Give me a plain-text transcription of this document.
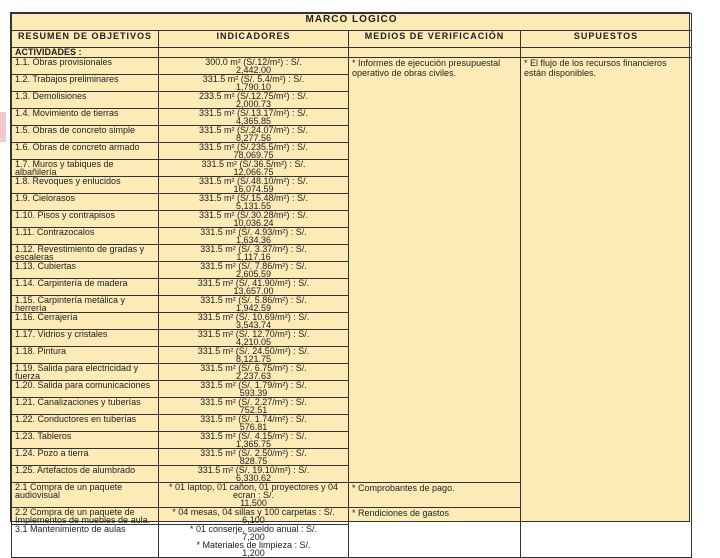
MARCO LÓGICO			
RESUMEN DE OBJETIVOS	INDICADORES	MEDIOS DE VERIFICACIÓN	SUPUESTOS
ACTIVIDADES :			
1.1. Obras provisionales	300.0 m² (S/.12/m²) : S/.
2,442.00	* Informes de ejecución presupuestal operativo de obras civiles.	* El flujo de los recursos financieros están disponibles.
1.2. Trabajos preliminares	331.5 m² (S/. 5.4/m²) : S/.
1,790.10		
1.3. Demolisiones	233.5 m² (S/.12.75/m²) : S/.
2,000.73		
1.4. Movimiento de tierras	331.5 m² (S/.13.17/m²) : S/.
4,365.85		
1.5. Obras de concreto simple	331.5 m² (S/.24.07/m²) : S/.
8,277.56		
1.6. Obras de concreto armado	331.5 m² (S/.235.5/m²) : S/.
78,069.75		
1.7. Muros y tabiques de albañilería	331.5 m² (S/.36.5/m²) : S/.
12,066.75		
1.8. Revoques y enlucidos	331.5 m² (S/.48.10/m²) : S/.
16,074.59		
1.9. Cielorasos	331.5 m² (S/.15.48/m²) : S/.
5,131.55		
1.10. Pisos y contrapisos	331.5 m² (S/.30.28/m²) : S/.
10,036.24		
1.11. Contrazocalos	331.5 m² (S/. 4.93/m²) : S/.
1,634.36		
1.12. Revestimiento de gradas y escaleras	331.5 m² (S/. 3.37/m²) : S/.
1,117.16		
1.13. Cubiertas	331.5 m² (S/. 7.86/m²) : S/.
2,605.59		
1.14. Carpintería de madera	331.5 m² (S/. 41.90/m²) : S/.
13,657.00		
1.15. Carpintería metálica y herrería	331.5 m² (S/. 5.86/m²) : S/.
1,942.59		
1.16. Cerrajería	331.5 m² (S/. 10.69/m²) : S/.
3,543.74		
1.17. Vidrios y cristales	331.5 m² (S/. 12.70/m²) : S/.
4,210.05		
1.18. Pintura	331.5 m² (S/. 24.50/m²) : S/.
8,121.75		
1.19. Salida para electricidad y fuerza	331.5 m² (S/. 6.75/m²) : S/.
2,237.63		
1.20. Salida para comunicaciones	331.5 m² (S/. 1.79/m²) : S/.
593.39		
1.21. Canalizaciones y tuberías	331.5 m² (S/. 2.27/m²) : S/.
752.51		
1.22. Conductores en tuberías	331.5 m² (S/. 1.74/m²) : S/.
576.81		
1.23. Tableros	331.5 m² (S/. 4.15/m²) : S/.
1,365.75		
1.24. Pozo a tierra	331.5 m² (S/. 2.50/m²) : S/.
828.75		
1.25. Artefactos de alumbrado	331.5 m² (S/. 19.10/m²) : S/.
6,330.62		
2.1 Compra de un paquete audiovisual	* 01 laptop, 01 cañon, 01 proyectores y 04 ecran : S/.
11,500	* Comprobantes de pago.	
2.2 Compra de un paquete de Implementos de muebles de aula.	* 04 mesas, 04 sillas y 100 carpetas : S/. 6,100	* Rendiciones de gastos	
3.1 Mantenimiento de aulas	* 01 conserje, sueldo anual : S/.
7,200
* Materiales de limpieza : S/.
1,200		
